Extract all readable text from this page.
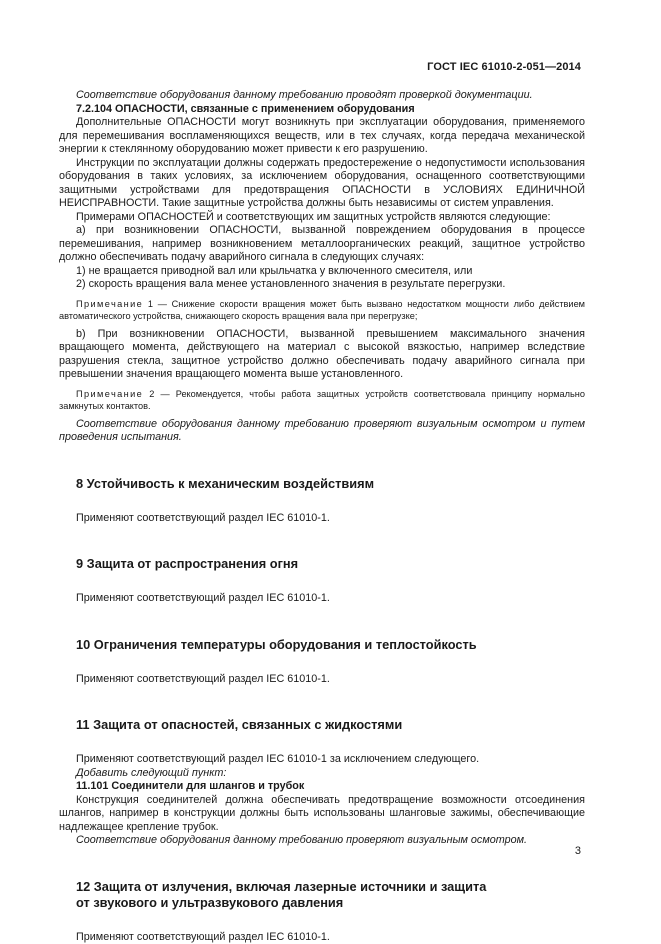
ГОСТ IEC 61010-2-051—2014

Соответствие оборудования данному требованию проводят проверкой документации.

7.2.104 ОПАСНОСТИ, связанные с применением оборудования

Дополнительные ОПАСНОСТИ могут возникнуть при эксплуатации оборудования, применяемого для перемешивания воспламеняющихся веществ, или в тех случаях, когда передача механической энергии к стеклянному оборудованию может привести к его разрушению.

Инструкции по эксплуатации должны содержать предостережение о недопустимости использования оборудования в таких условиях, за исключением оборудования, оснащенного соответствующими защитными устройствами для предотвращения ОПАСНОСТИ в УСЛОВИЯХ ЕДИНИЧНОЙ НЕИСПРАВНОСТИ. Такие защитные устройства должны быть независимы от систем управления.

Примерами ОПАСНОСТЕЙ и соответствующих им защитных устройств являются следующие:

а) при возникновении ОПАСНОСТИ, вызванной повреждением оборудования в процессе перемешивания, например возникновением металлоорганических реакций, защитное устройство должно обеспечивать подачу аварийного сигнала в следующих случаях:

1) не вращается приводной вал или крыльчатка у включенного смесителя, или

2) скорость вращения вала менее установленного значения в результате перегрузки.

Примечание 1 — Снижение скорости вращения может быть вызвано недостатком мощности либо действием автоматического устройства, снижающего скорость вращения вала при перегрузке;

b) При возникновении ОПАСНОСТИ, вызванной превышением максимального значения вращающего момента, действующего на материал с высокой вязкостью, например вследствие разрушения стекла, защитное устройство должно обеспечивать подачу аварийного сигнала при превышении значения вращающего момента выше установленного.

Примечание 2 — Рекомендуется, чтобы работа защитных устройств соответствовала принципу нормально замкнутых контактов.

Соответствие оборудования данному требованию проверяют визуальным осмотром и путем проведения испытания.

8 Устойчивость к механическим воздействиям

Применяют соответствующий раздел IEC 61010-1.

9 Защита от распространения огня

Применяют соответствующий раздел IEC 61010-1.

10 Ограничения температуры оборудования и теплостойкость

Применяют соответствующий раздел IEC 61010-1.

11 Защита от опасностей, связанных с жидкостями

Применяют соответствующий раздел IEC 61010-1 за исключением следующего.

Добавить следующий пункт:

11.101 Соединители для шлангов и трубок

Конструкция соединителей должна обеспечивать предотвращение возможности отсоединения шлангов, например в конструкции должны быть использованы шланговые зажимы, обеспечивающие надлежащее крепление трубок.

Соответствие оборудования данному требованию проверяют визуальным осмотром.

12 Защита от излучения, включая лазерные источники и защита

от звукового и ультразвукового давления

Применяют соответствующий раздел IEC 61010-1.

3
